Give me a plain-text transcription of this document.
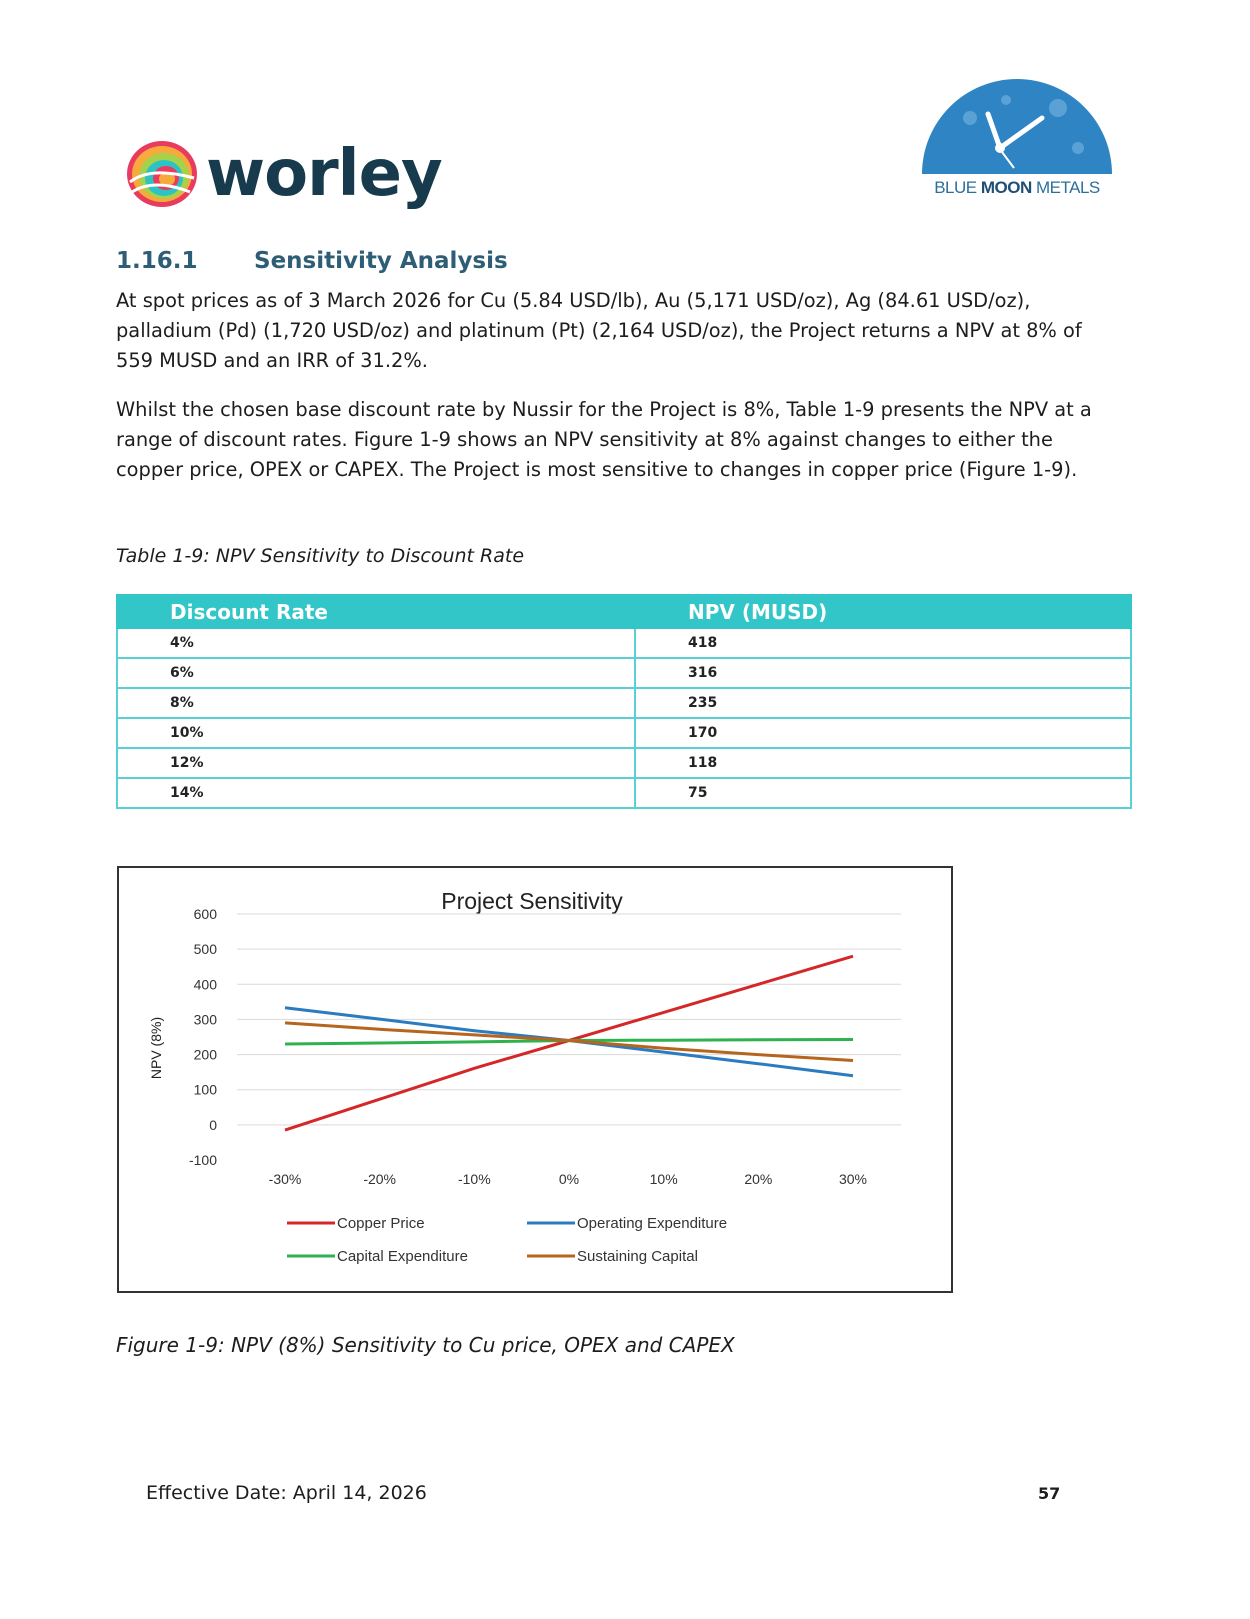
worley	BLUE MOON METALS
1.16.1 Sensitivity Analysis
At spot prices as of 3 March 2026 for Cu (5.84 USD/lb), Au (5,171 USD/oz), Ag (84.61 USD/oz), palladium (Pd) (1,720 USD/oz) and platinum (Pt) (2,164 USD/oz), the Project returns a NPV at 8% of 559 MUSD and an IRR of 31.2%.
Whilst the chosen base discount rate by Nussir for the Project is 8%, Table 1-9 presents the NPV at a range of discount rates. Figure 1-9 shows an NPV sensitivity at 8% against changes to either the copper price, OPEX or CAPEX. The Project is most sensitive to changes in copper price (Figure 1-9).
Table 1-9: NPV Sensitivity to Discount Rate
Discount Rate	NPV (MUSD)
4%	418
6%	316
8%	235
10%	170
12%	118
14%	75
Project Sensitivity
600
500
400
300
200
100
0
-100
-30%	-20%	-10%	0%	10%	20%	30%
Copper Price	Operating Expenditure
Capital Expenditure	Sustaining Capital
NPV (8%)
Figure 1-9: NPV (8%) Sensitivity to Cu price, OPEX and CAPEX
Effective Date: April 14, 2026	57
